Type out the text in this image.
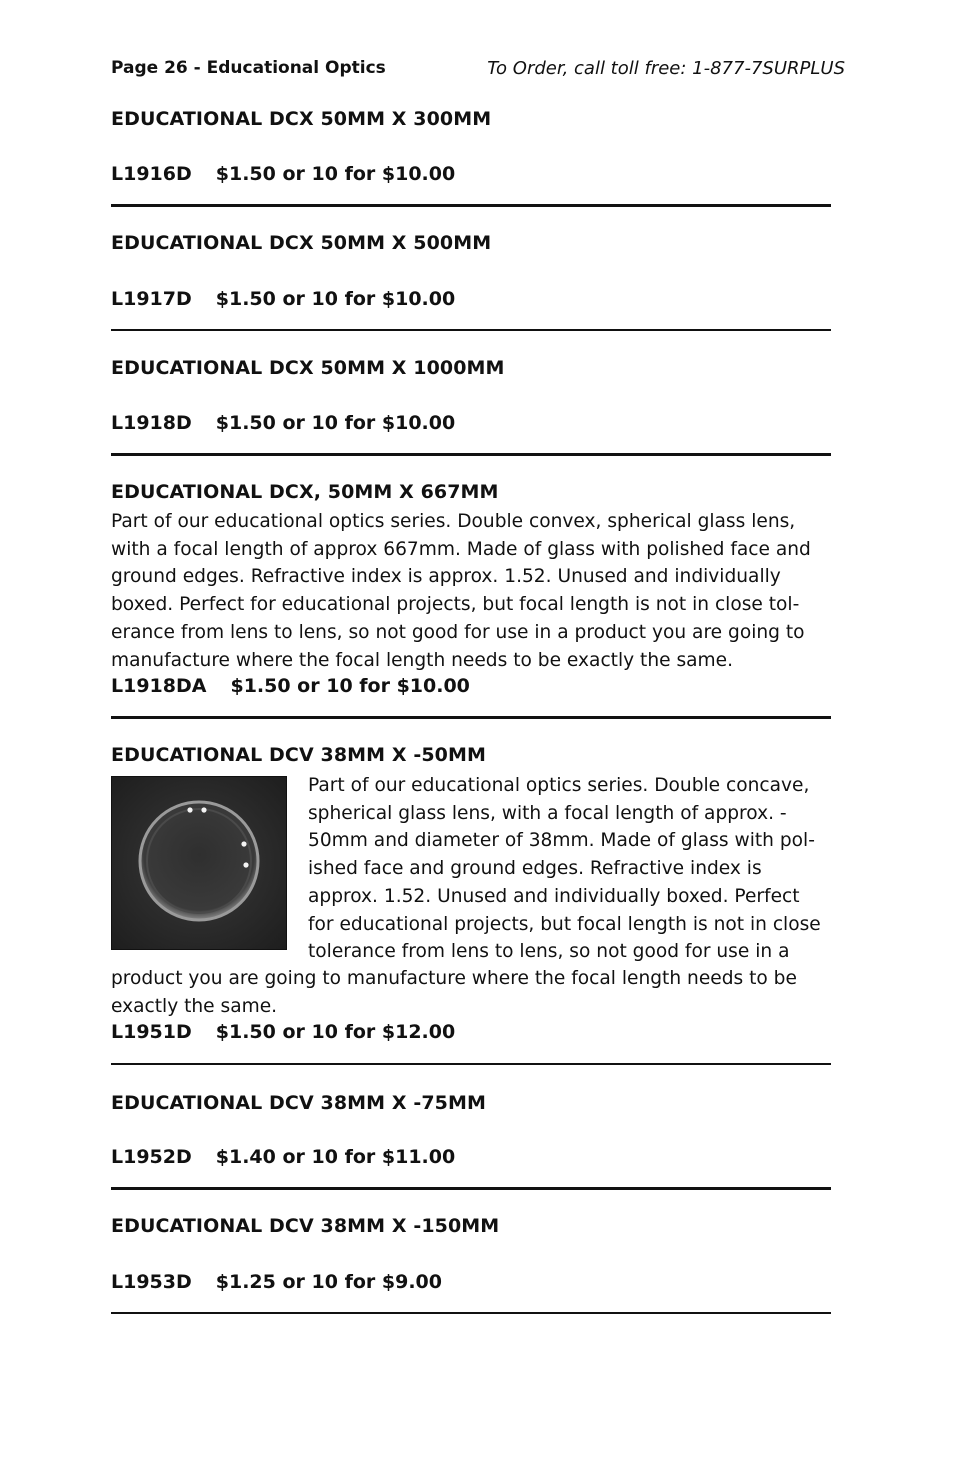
Page 26 - Educational Optics	To Order, call toll free: 1-877-7SURPLUS
EDUCATIONAL DCX 50MM X 300MM
L1916D $1.50 or 10 for $10.00
EDUCATIONAL DCX 50MM X 500MM
L1917D $1.50 or 10 for $10.00
EDUCATIONAL DCX 50MM X 1000MM
L1918D $1.50 or 10 for $10.00
EDUCATIONAL DCX, 50MM X 667MM
Part of our educational optics series. Double convex, spherical glass lens,
with a focal length of approx 667mm. Made of glass with polished face and
ground edges. Refractive index is approx. 1.52. Unused and individually
boxed. Perfect for educational projects, but focal length is not in close tol-
erance from lens to lens, so not good for use in a product you are going to
manufacture where the focal length needs to be exactly the same.
L1918DA $1.50 or 10 for $10.00
EDUCATIONAL DCV 38MM X -50MM
Part of our educational optics series. Double concave,
spherical glass lens, with a focal length of approx. -
50mm and diameter of 38mm. Made of glass with pol-
ished face and ground edges. Refractive index is
approx. 1.52. Unused and individually boxed. Perfect
for educational projects, but focal length is not in close
tolerance from lens to lens, so not good for use in a
product you are going to manufacture where the focal length needs to be
exactly the same.
L1951D $1.50 or 10 for $12.00
EDUCATIONAL DCV 38MM X -75MM
L1952D $1.40 or 10 for $11.00
EDUCATIONAL DCV 38MM X -150MM
L1953D $1.25 or 10 for $9.00
